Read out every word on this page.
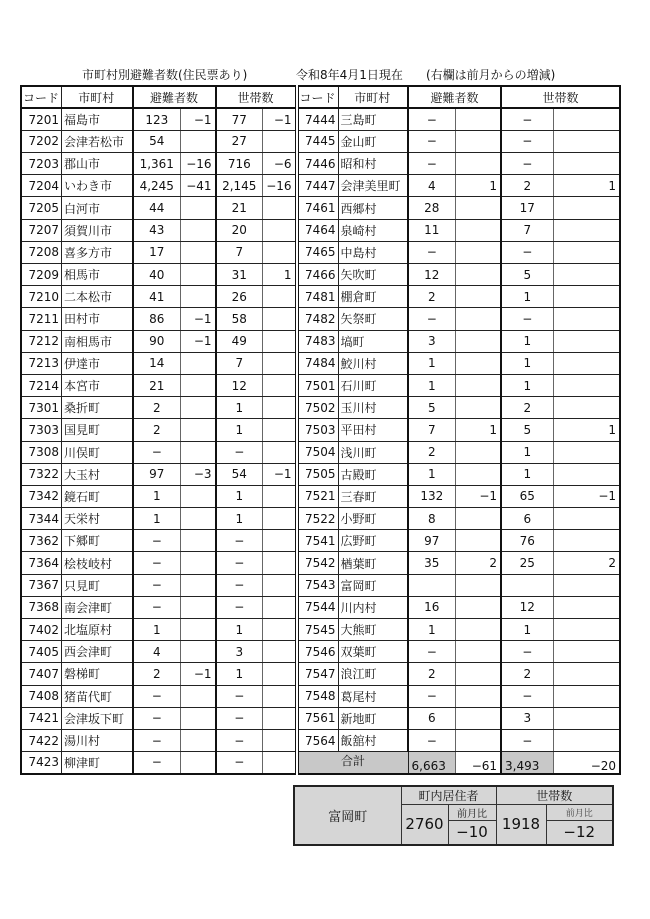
市町村別避難者数(住民票あり)	令和8年4月1日現在 (右欄は前月からの増減)
コード	市町村	避難者数		世帯数		コード	市町村	避難者数		世帯数	
7201	福島市	123	−1	77	−1	7444	三島町	−		−	
7202	会津若松市	54		27		7445	金山町	−		−	
7203	郡山市	1,361	−16	716	−6	7446	昭和村	−		−	
7204	いわき市	4,245	−41	2,145	−16	7447	会津美里町	4	1	2	1
7205	白河市	44		21		7461	西郷村	28		17	
7207	須賀川市	43		20		7464	泉崎村	11		7	
7208	喜多方市	17		7		7465	中島村	−		−	
7209	相馬市	40		31	1	7466	矢吹町	12		5	
7210	二本松市	41		26		7481	棚倉町	2		1	
7211	田村市	86	−1	58		7482	矢祭町	−		−	
7212	南相馬市	90	−1	49		7483	塙町	3		1	
7213	伊達市	14		7		7484	鮫川村	1		1	
7214	本宮市	21		12		7501	石川町	1		1	
7301	桑折町	2		1		7502	玉川村	5		2	
7303	国見町	2		1		7503	平田村	7	1	5	1
7308	川俣町	−		−		7504	浅川町	2		1	
7322	大玉村	97	−3	54	−1	7505	古殿町	1		1	
7342	鏡石町	1		1		7521	三春町	132	−1	65	−1
7344	天栄村	1		1		7522	小野町	8		6	
7362	下郷町	−		−		7541	広野町	97		76	
7364	桧枝岐村	−		−		7542	楢葉町	35	2	25	2
7367	只見町	−		−		7543	富岡町				
7368	南会津町	−		−		7544	川内村	16		12	
7402	北塩原村	1		1		7545	大熊町	1		1	
7405	西会津町	4		3		7546	双葉町	−		−	
7407	磐梯町	2	−1	1		7547	浪江町	2		2	
7408	猪苗代町	−		−		7548	葛尾村	−		−	
7421	会津坂下町	−		−		7561	新地町	6		3	
7422	湯川村	−		−		7564	飯舘村	−		−	
7423	柳津町	−		−		合計		6,663	−61	3,493	−20
富岡町	町内居住者		世帯数	
	2760	前月比	1918	前月比
		−10		−12
